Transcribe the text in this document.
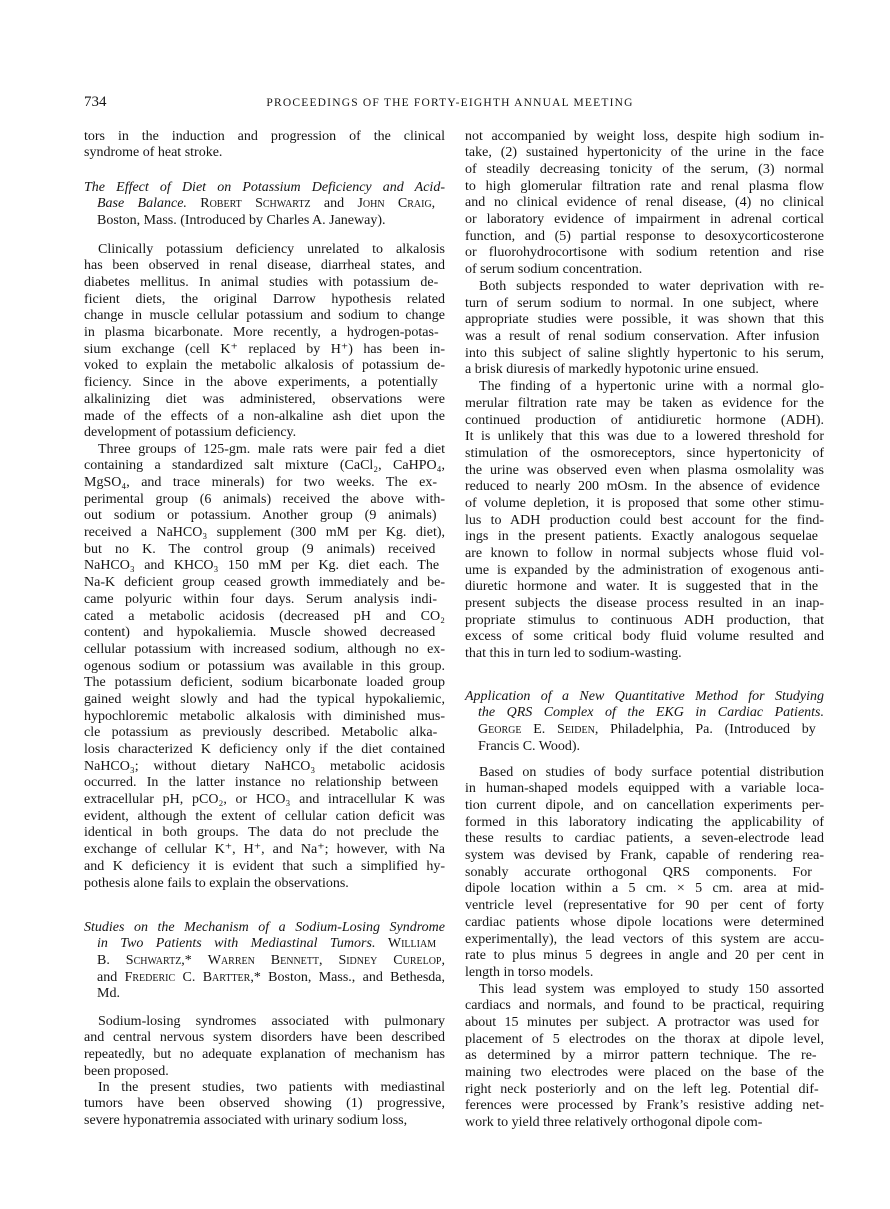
734	PROCEEDINGS OF THE FORTY-EIGHTH ANNUAL MEETING
tors in the induction and progression of the clinical
syndrome of heat stroke.
The Effect of Diet on Potassium Deficiency and Acid-
Base Balance. Robert Schwartz and John Craig,
Boston, Mass. (Introduced by Charles A. Janeway).
Clinically potassium deficiency unrelated to alkalosis
has been observed in renal disease, diarrheal states, and
diabetes mellitus. In animal studies with potassium de-
ficient diets, the original Darrow hypothesis related
change in muscle cellular potassium and sodium to change
in plasma bicarbonate. More recently, a hydrogen-potas-
sium exchange (cell K⁺ replaced by H⁺) has been in-
voked to explain the metabolic alkalosis of potassium de-
ficiency. Since in the above experiments, a potentially
alkalinizing diet was administered, observations were
made of the effects of a non-alkaline ash diet upon the
development of potassium deficiency.
Three groups of 125-gm. male rats were pair fed a diet
containing a standardized salt mixture (CaCl₂, CaHPO₄,
MgSO₄, and trace minerals) for two weeks. The ex-
perimental group (6 animals) received the above with-
out sodium or potassium. Another group (9 animals)
received a NaHCO₃ supplement (300 mM per Kg. diet),
but no K. The control group (9 animals) received
NaHCO₃ and KHCO₃ 150 mM per Kg. diet each. The
Na-K deficient group ceased growth immediately and be-
came polyuric within four days. Serum analysis indi-
cated a metabolic acidosis (decreased pH and CO₂
content) and hypokaliemia. Muscle showed decreased
cellular potassium with increased sodium, although no ex-
ogenous sodium or potassium was available in this group.
The potassium deficient, sodium bicarbonate loaded group
gained weight slowly and had the typical hypokaliemic,
hypochloremic metabolic alkalosis with diminished mus-
cle potassium as previously described. Metabolic alka-
losis characterized K deficiency only if the diet contained
NaHCO₃; without dietary NaHCO₃ metabolic acidosis
occurred. In the latter instance no relationship between
extracellular pH, pCO₂, or HCO₃ and intracellular K was
evident, although the extent of cellular cation deficit was
identical in both groups. The data do not preclude the
exchange of cellular K⁺, H⁺, and Na⁺; however, with Na
and K deficiency it is evident that such a simplified hy-
pothesis alone fails to explain the observations.
Studies on the Mechanism of a Sodium-Losing Syndrome
in Two Patients with Mediastinal Tumors. William
B. Schwartz,* Warren Bennett, Sidney Curelop,
and Frederic C. Bartter,* Boston, Mass., and Bethesda,
Md.
Sodium-losing syndromes associated with pulmonary
and central nervous system disorders have been described
repeatedly, but no adequate explanation of mechanism has
been proposed.
In the present studies, two patients with mediastinal
tumors have been observed showing (1) progressive,
severe hyponatremia associated with urinary sodium loss,
not accompanied by weight loss, despite high sodium in-
take, (2) sustained hypertonicity of the urine in the face
of steadily decreasing tonicity of the serum, (3) normal
to high glomerular filtration rate and renal plasma flow
and no clinical evidence of renal disease, (4) no clinical
or laboratory evidence of impairment in adrenal cortical
function, and (5) partial response to desoxycorticosterone
or fluorohydrocortisone with sodium retention and rise
of serum sodium concentration.
Both subjects responded to water deprivation with re-
turn of serum sodium to normal. In one subject, where
appropriate studies were possible, it was shown that this
was a result of renal sodium conservation. After infusion
into this subject of saline slightly hypertonic to his serum,
a brisk diuresis of markedly hypotonic urine ensued.
The finding of a hypertonic urine with a normal glo-
merular filtration rate may be taken as evidence for the
continued production of antidiuretic hormone (ADH).
It is unlikely that this was due to a lowered threshold for
stimulation of the osmoreceptors, since hypertonicity of
the urine was observed even when plasma osmolality was
reduced to nearly 200 mOsm. In the absence of evidence
of volume depletion, it is proposed that some other stimu-
lus to ADH production could best account for the find-
ings in the present patients. Exactly analogous sequelae
are known to follow in normal subjects whose fluid vol-
ume is expanded by the administration of exogenous anti-
diuretic hormone and water. It is suggested that in the
present subjects the disease process resulted in an inap-
propriate stimulus to continuous ADH production, that
excess of some critical body fluid volume resulted and
that this in turn led to sodium-wasting.
Application of a New Quantitative Method for Studying
the QRS Complex of the EKG in Cardiac Patients.
George E. Seiden, Philadelphia, Pa. (Introduced by
Francis C. Wood).
Based on studies of body surface potential distribution
in human-shaped models equipped with a variable loca-
tion current dipole, and on cancellation experiments per-
formed in this laboratory indicating the applicability of
these results to cardiac patients, a seven-electrode lead
system was devised by Frank, capable of rendering rea-
sonably accurate orthogonal QRS components. For
dipole location within a 5 cm. × 5 cm. area at mid-
ventricle level (representative for 90 per cent of forty
cardiac patients whose dipole locations were determined
experimentally), the lead vectors of this system are accu-
rate to plus minus 5 degrees in angle and 20 per cent in
length in torso models.
This lead system was employed to study 150 assorted
cardiacs and normals, and found to be practical, requiring
about 15 minutes per subject. A protractor was used for
placement of 5 electrodes on the thorax at dipole level,
as determined by a mirror pattern technique. The re-
maining two electrodes were placed on the base of the
right neck posteriorly and on the left leg. Potential dif-
ferences were processed by Frank’s resistive adding net-
work to yield three relatively orthogonal dipole com-
